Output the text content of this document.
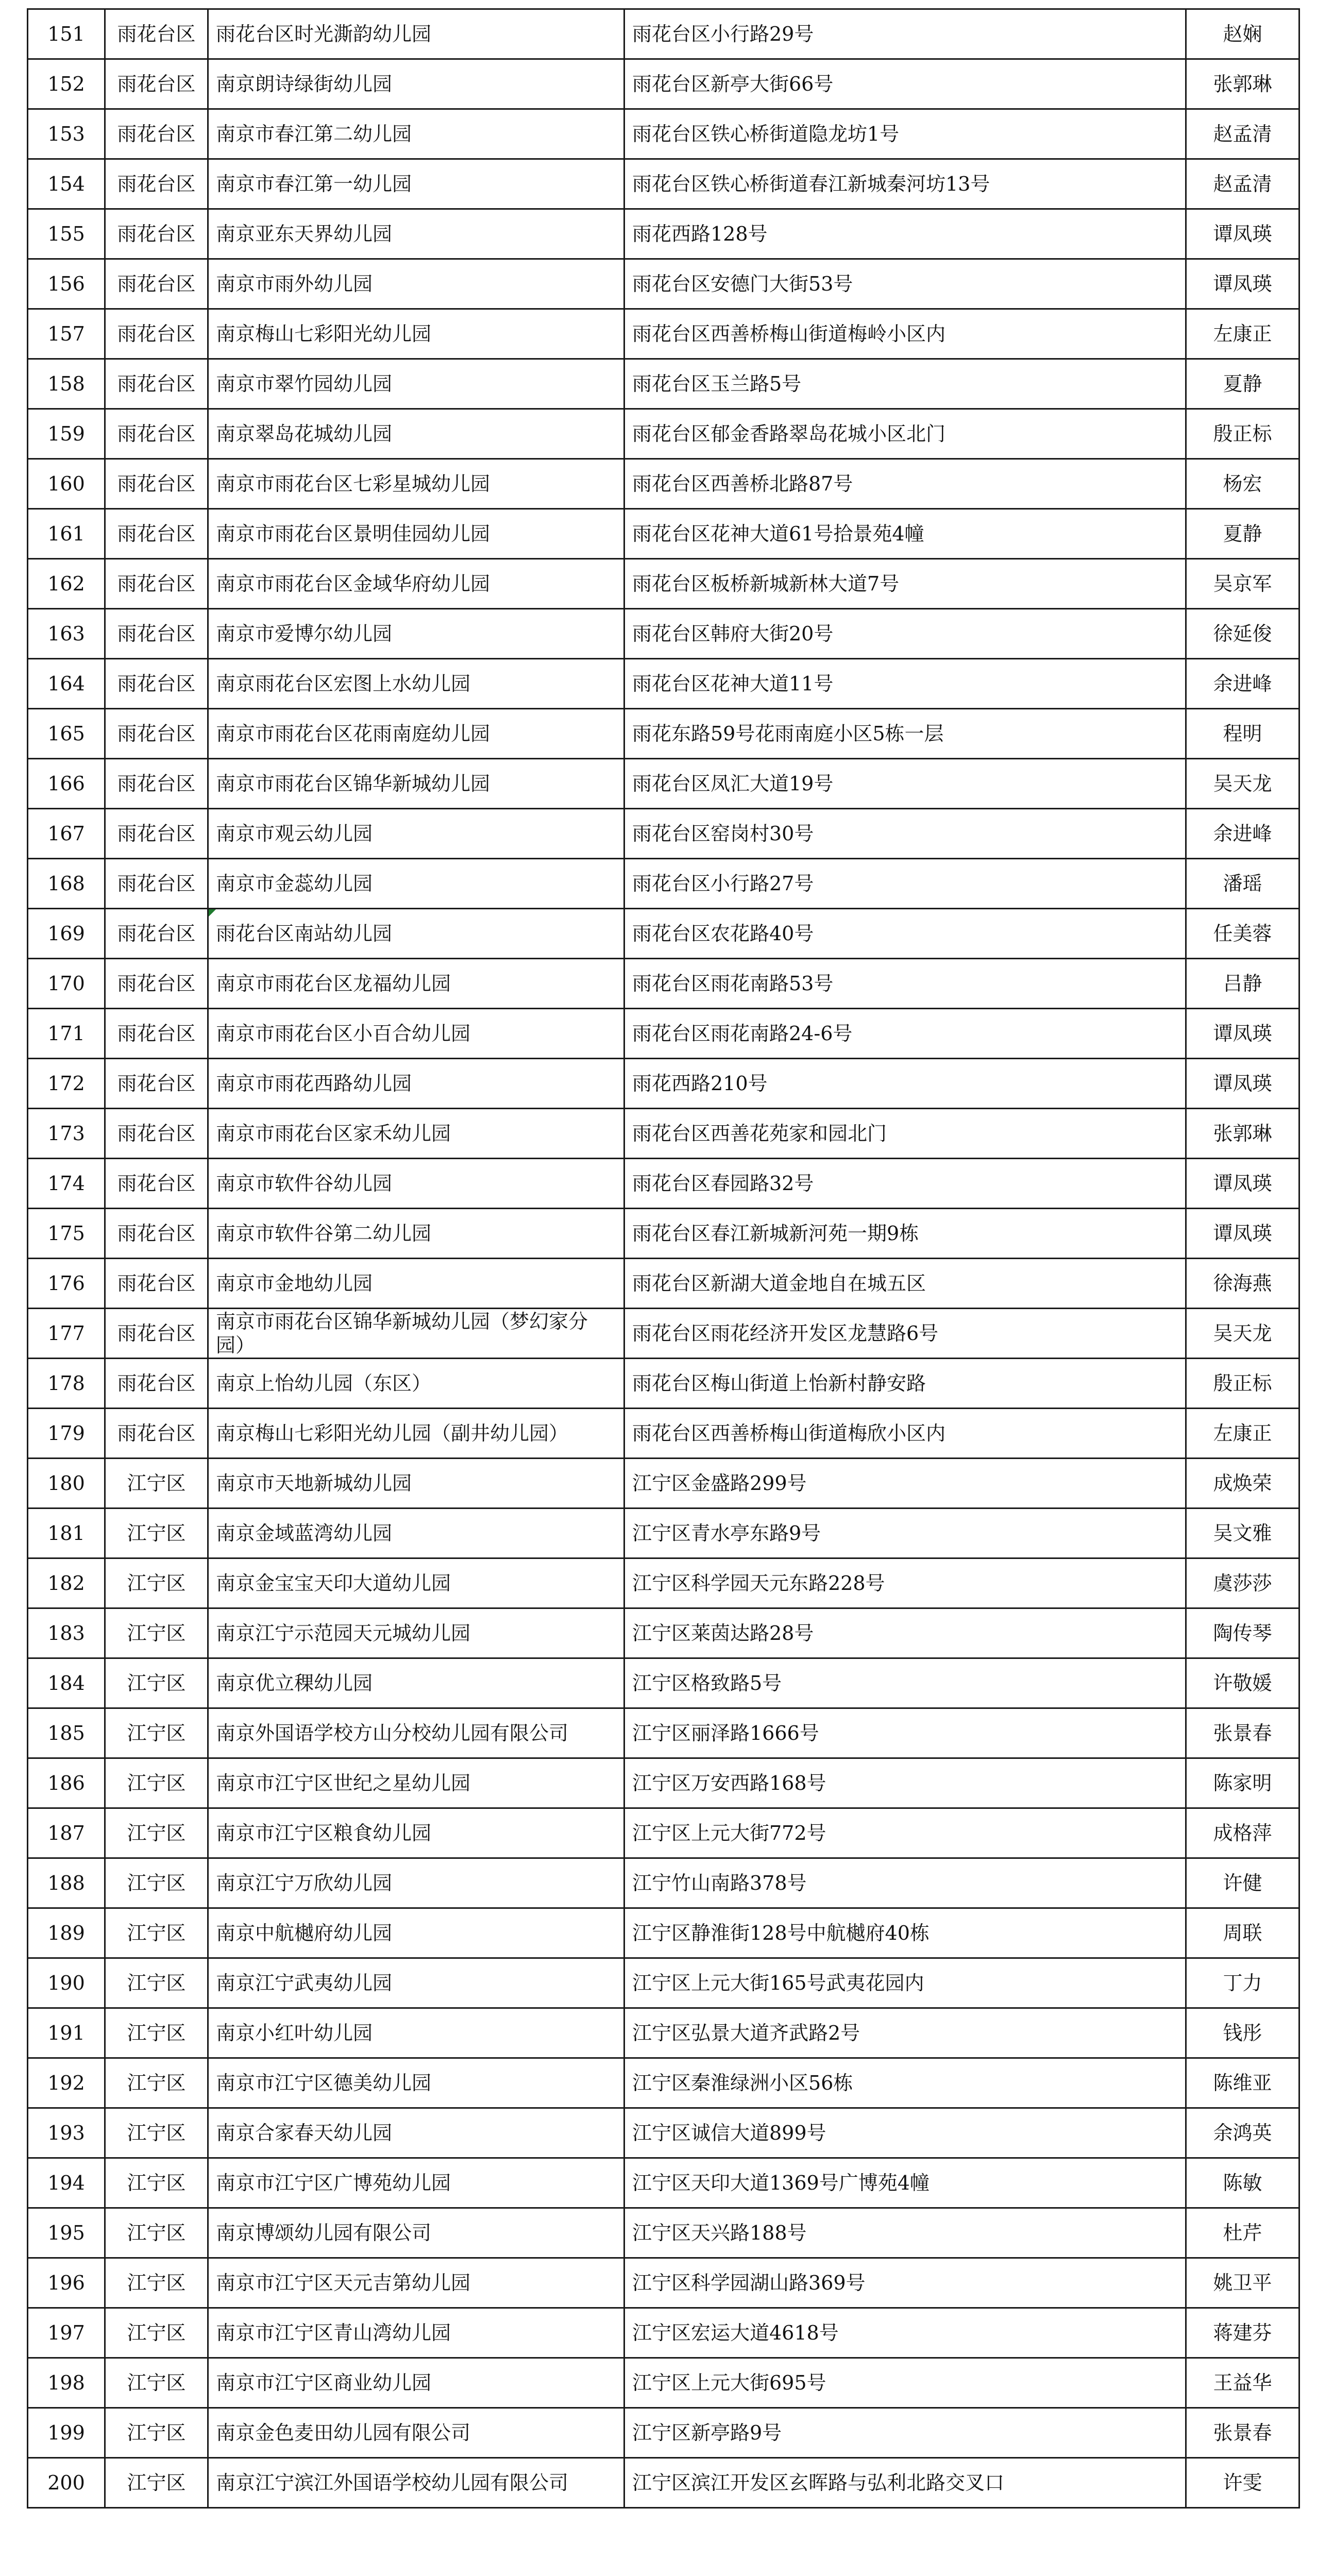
151	雨花台区	雨花台区时光澌韵幼儿园	雨花台区小行路29号	赵娴	
152	雨花台区	南京朗诗绿街幼儿园	雨花台区新亭大街66号	张郭琳	
153	雨花台区	南京市春江第二幼儿园	雨花台区铁心桥街道隐龙坊1号	赵孟清	
154	雨花台区	南京市春江第一幼儿园	雨花台区铁心桥街道春江新城秦河坊13号	赵孟清	
155	雨花台区	南京亚东天界幼儿园	雨花西路128号	谭凤瑛	
156	雨花台区	南京市雨外幼儿园	雨花台区安德门大街53号	谭凤瑛	
157	雨花台区	南京梅山七彩阳光幼儿园	雨花台区西善桥梅山街道梅岭小区内	左康正	
158	雨花台区	南京市翠竹园幼儿园	雨花台区玉兰路5号	夏静	
159	雨花台区	南京翠岛花城幼儿园	雨花台区郁金香路翠岛花城小区北门	殷正标	
160	雨花台区	南京市雨花台区七彩星城幼儿园	雨花台区西善桥北路87号	杨宏	
161	雨花台区	南京市雨花台区景明佳园幼儿园	雨花台区花神大道61号拾景苑4幢	夏静	
162	雨花台区	南京市雨花台区金域华府幼儿园	雨花台区板桥新城新林大道7号	吴京军	
163	雨花台区	南京市爱博尔幼儿园	雨花台区韩府大街20号	徐延俊	
164	雨花台区	南京雨花台区宏图上水幼儿园	雨花台区花神大道11号	余进峰	
165	雨花台区	南京市雨花台区花雨南庭幼儿园	雨花东路59号花雨南庭小区5栋一层	程明	
166	雨花台区	南京市雨花台区锦华新城幼儿园	雨花台区凤汇大道19号	吴天龙	
167	雨花台区	南京市观云幼儿园	雨花台区窑岗村30号	余进峰	
168	雨花台区	南京市金蕊幼儿园	雨花台区小行路27号	潘瑶	
169	雨花台区	雨花台区南站幼儿园	雨花台区农花路40号	任美蓉	
170	雨花台区	南京市雨花台区龙福幼儿园	雨花台区雨花南路53号	吕静	
171	雨花台区	南京市雨花台区小百合幼儿园	雨花台区雨花南路24-6号	谭凤瑛	
172	雨花台区	南京市雨花西路幼儿园	雨花西路210号	谭凤瑛	
173	雨花台区	南京市雨花台区家禾幼儿园	雨花台区西善花苑家和园北门	张郭琳	
174	雨花台区	南京市软件谷幼儿园	雨花台区春园路32号	谭凤瑛	
175	雨花台区	南京市软件谷第二幼儿园	雨花台区春江新城新河苑一期9栋	谭凤瑛	
176	雨花台区	南京市金地幼儿园	雨花台区新湖大道金地自在城五区	徐海燕	
177	雨花台区	南京市雨花台区锦华新城幼儿园（梦幻家分园）	雨花台区雨花经济开发区龙慧路6号	吴天龙	
178	雨花台区	南京上怡幼儿园（东区）	雨花台区梅山街道上怡新村静安路	殷正标	
179	雨花台区	南京梅山七彩阳光幼儿园（副井幼儿园）	雨花台区西善桥梅山街道梅欣小区内	左康正	
180	江宁区	南京市天地新城幼儿园	江宁区金盛路299号	成焕荣	
181	江宁区	南京金域蓝湾幼儿园	江宁区青水亭东路9号	吴文雅	
182	江宁区	南京金宝宝天印大道幼儿园	江宁区科学园天元东路228号	虞莎莎	
183	江宁区	南京江宁示范园天元城幼儿园	江宁区莱茵达路28号	陶传琴	
184	江宁区	南京优立稞幼儿园	江宁区格致路5号	许敬媛	
185	江宁区	南京外国语学校方山分校幼儿园有限公司	江宁区丽泽路1666号	张景春	
186	江宁区	南京市江宁区世纪之星幼儿园	江宁区万安西路168号	陈家明	
187	江宁区	南京市江宁区粮食幼儿园	江宁区上元大街772号	成格萍	
188	江宁区	南京江宁万欣幼儿园	江宁竹山南路378号	许健	
189	江宁区	南京中航樾府幼儿园	江宁区静淮街128号中航樾府40栋	周联	
190	江宁区	南京江宁武夷幼儿园	江宁区上元大街165号武夷花园内	丁力	
191	江宁区	南京小红叶幼儿园	江宁区弘景大道齐武路2号	钱彤	
192	江宁区	南京市江宁区德美幼儿园	江宁区秦淮绿洲小区56栋	陈维亚	
193	江宁区	南京合家春天幼儿园	江宁区诚信大道899号	余鸿英	
194	江宁区	南京市江宁区广博苑幼儿园	江宁区天印大道1369号广博苑4幢	陈敏	
195	江宁区	南京博颂幼儿园有限公司	江宁区天兴路188号	杜芹	
196	江宁区	南京市江宁区天元吉第幼儿园	江宁区科学园湖山路369号	姚卫平	
197	江宁区	南京市江宁区青山湾幼儿园	江宁区宏运大道4618号	蒋建芬	
198	江宁区	南京市江宁区商业幼儿园	江宁区上元大街695号	王益华	
199	江宁区	南京金色麦田幼儿园有限公司	江宁区新亭路9号	张景春	
200	江宁区	南京江宁滨江外国语学校幼儿园有限公司	江宁区滨江开发区玄晖路与弘利北路交叉口	许雯	
